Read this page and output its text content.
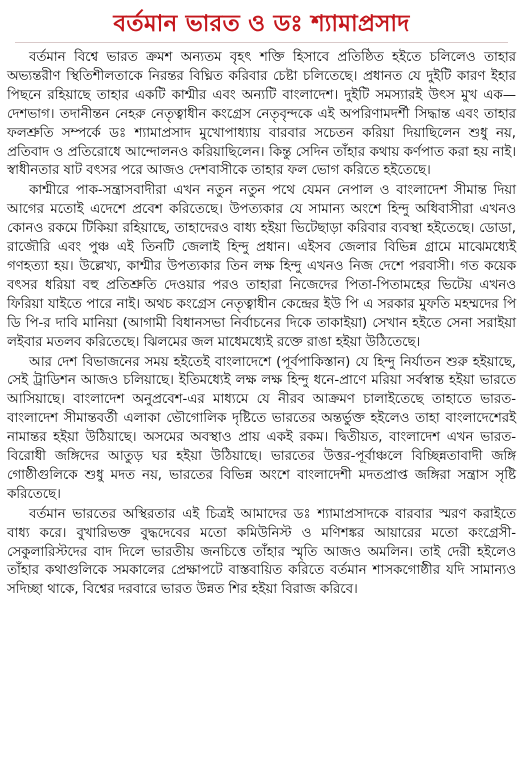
বর্তমান ভারত ও ডঃ শ্যামাপ্রসাদ

বর্তমান বিশ্বে ভারত ক্রমশ অন্যতম বৃহৎ শক্তি হিসাবে প্রতিষ্ঠিত হইতে চলিলেও তাহার অভ্যন্তরীণ স্থিতিশীলতাকে নিরন্তর বিঘ্নিত করিবার চেষ্টা চলিতেছে। প্রধানত যে দুইটি কারণ ইহার পিছনে রহিয়াছে তাহার একটি কাশ্মীর এবং অন্যটি বাংলাদেশ। দুইটি সমস্যারই উৎস মুখ এক—দেশভাগ। তদানীন্তন নেহরু নেতৃত্বাধীন কংগ্রেস নেতৃবৃন্দকে এই অপরিণামদর্শী সিদ্ধান্ত এবং তাহার ফলশ্রুতি সম্পর্কে ডঃ শ্যামাপ্রসাদ মুখোপাধ্যায় বারবার সচেতন করিয়া দিয়াছিলেন শুধু নয়, প্রতিবাদ ও প্রতিরোধে আন্দোলনও করিয়াছিলেন। কিন্তু সেদিন তাঁহার কথায় কর্ণপাত করা হয় নাই। স্বাধীনতার ষাট বৎসর পরে আজও দেশবাসীকে তাহার ফল ভোগ করিতে হইতেছে।

কাশ্মীরে পাক-সন্ত্রাসবাদীরা এখন নতুন নতুন পথে যেমন নেপাল ও বাংলাদেশ সীমান্ত দিয়া আগের মতোই এদেশে প্রবেশ করিতেছে। উপত্যকার যে সামান্য অংশে হিন্দু অধিবাসীরা এখনও কোনও রকমে টিকিয়া রহিয়াছে, তাহাদেরও বাধ্য হইয়া ভিটেছাড়া করিবার ব্যবস্থা হইতেছে। ডোডা, রাজৌরি এবং পুঞ্চ এই তিনটি জেলাই হিন্দু প্রধান। এইসব জেলার বিভিন্ন গ্রামে মাঝেমধ্যেই গণহত্যা হয়। উল্লেখ্য, কাশ্মীর উপত্যকার তিন লক্ষ হিন্দু এখনও নিজ দেশে পরবাসী। গত কয়েক বৎসর ধরিয়া বহু প্রতিশ্রুতি দেওয়ার পরও তাহারা নিজেদের পিতা-পিতামহের ভিটেয় এখনও ফিরিয়া যাইতে পারে নাই। অথচ কংগ্রেস নেতৃত্বাধীন কেন্দ্রের ইউ পি এ সরকার মুফতি মহম্মদের পি ডি পি-র দাবি মানিয়া (আগামী বিধানসভা নির্বাচনের দিকে তাকাইয়া) সেখান হইতে সেনা সরাইয়া লইবার মতলব করিতেছে। ঝিলমের জল মাধেমধ্যেই রক্তে রাঙা হইয়া উঠিতেছে।

আর দেশ বিভাজনের সময় হইতেই বাংলাদেশে (পূর্বপাকিস্তান) যে হিন্দু নির্যাতন শুরু হইয়াছে, সেই ট্রাডিশন আজও চলিয়াছে। ইতিমধ্যেই লক্ষ লক্ষ হিন্দু ধনে-প্রাণে মরিয়া সর্বস্বান্ত হইয়া ভারতে আসিয়াছে। বাংলাদেশ অনুপ্রবেশ-এর মাধ্যমে যে নীরব আক্রমণ চালাইতেছে তাহাতে ভারত-বাংলাদেশ সীমান্তবর্তী এলাকা ভৌগোলিক দৃষ্টিতে ভারতের অন্তর্ভুক্ত হইলেও তাহা বাংলাদেশেরই নামান্তর হইয়া উঠিয়াছে। অসমের অবস্থাও প্রায় একই রকম। দ্বিতীয়ত, বাংলাদেশ এখন ভারত-বিরোধী জঙ্গিদের আতুড় ঘর হইয়া উঠিয়াছে। ভারতের উত্তর-পূর্বাঞ্চলে বিচ্ছিন্নতাবাদী জঙ্গি গোষ্ঠীগুলিকে শুধু মদত নয়, ভারতের বিভিন্ন অংশে বাংলাদেশী মদতপ্রাপ্ত জঙ্গিরা সন্ত্রাস সৃষ্টি করিতেছে।

বর্তমান ভারতের অস্থিরতার এই চিত্রই আমাদের ডঃ শ্যামাপ্রসাদকে বারবার স্মরণ করাইতে বাধ্য করে। বুখারিভক্ত বুদ্ধদেবের মতো কমিউনিস্ট ও মণিশঙ্কর আয়ারের মতো কংগ্রেসী-সেকুলারিস্টদের বাদ দিলে ভারতীয় জনচিত্তে তাঁহার স্মৃতি আজও অমলিন। তাই দেরী হইলেও তাঁহার কথাগুলিকে সমকালের প্রেক্ষাপটে বাস্তবায়িত করিতে বর্তমান শাসকগোষ্ঠীর যদি সামান্যও সদিচ্ছা থাকে, বিশ্বের দরবারে ভারত উন্নত শির হইয়া বিরাজ করিবে।
